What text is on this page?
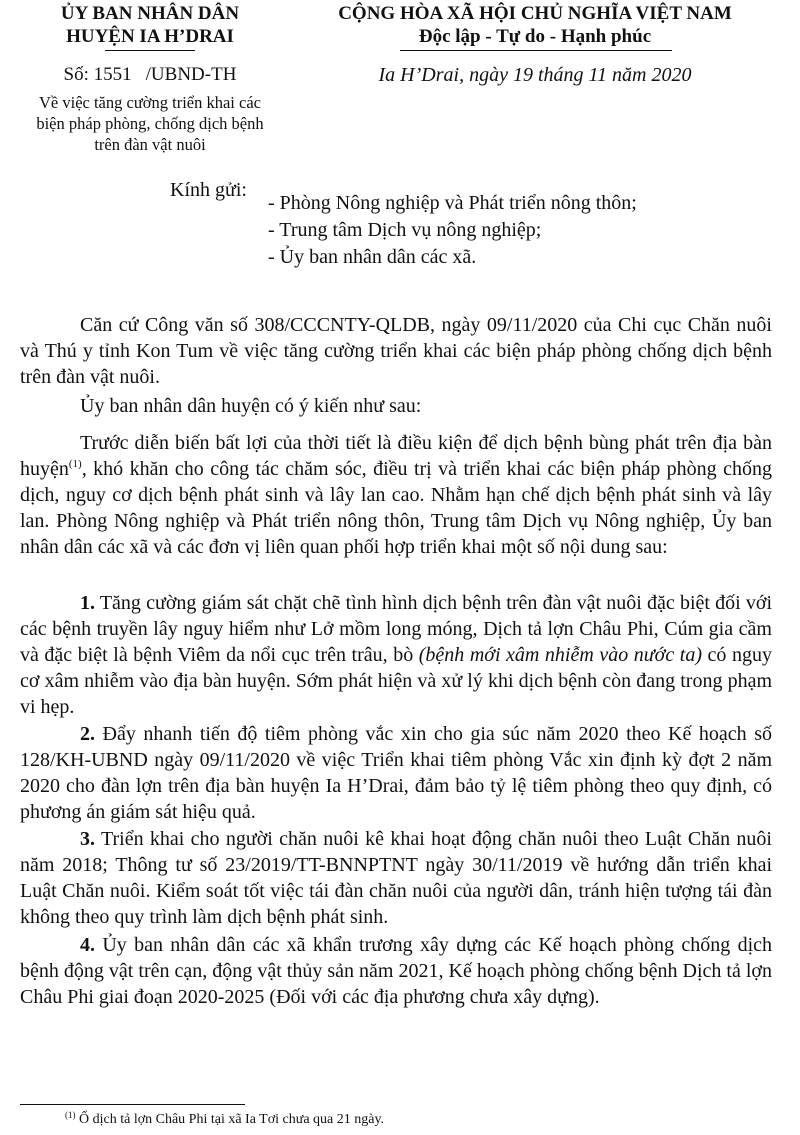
ỦY BAN NHÂN DÂN
HUYỆN IA H’DRAI
CỘNG HÒA XÃ HỘI CHỦ NGHĨA VIỆT NAM
Độc lập - Tự do - Hạnh phúc
Số: 1551 /UBND-TH
Về việc tăng cường triển khai các
biện pháp phòng, chống dịch bệnh
trên đàn vật nuôi
Ia H’Drai, ngày 19 tháng 11 năm 2020
Kính gửi:
- Phòng Nông nghiệp và Phát triển nông thôn;
- Trung tâm Dịch vụ nông nghiệp;
- Ủy ban nhân dân các xã.

Căn cứ Công văn số 308/CCCNTY-QLDB, ngày 09/11/2020 của Chi cục Chăn nuôi và Thú y tỉnh Kon Tum về việc tăng cường triển khai các biện pháp phòng chống dịch bệnh trên đàn vật nuôi.

Ủy ban nhân dân huyện có ý kiến như sau:

Trước diễn biến bất lợi của thời tiết là điều kiện để dịch bệnh bùng phát trên địa bàn huyện$^{(1)}$, khó khăn cho công tác chăm sóc, điều trị và triển khai các biện pháp phòng chống dịch, nguy cơ dịch bệnh phát sinh và lây lan cao. Nhằm hạn chế dịch bệnh phát sinh và lây lan. Phòng Nông nghiệp và Phát triển nông thôn, Trung tâm Dịch vụ Nông nghiệp, Ủy ban nhân dân các xã và các đơn vị liên quan phối hợp triển khai một số nội dung sau:

1. Tăng cường giám sát chặt chẽ tình hình dịch bệnh trên đàn vật nuôi đặc biệt đối với các bệnh truyền lây nguy hiểm như Lở mồm long móng, Dịch tả lợn Châu Phi, Cúm gia cầm và đặc biệt là bệnh Viêm da nổi cục trên trâu, bò (bệnh mới xâm nhiễm vào nước ta) có nguy cơ xâm nhiễm vào địa bàn huyện. Sớm phát hiện và xử lý khi dịch bệnh còn đang trong phạm vi hẹp.

2. Đẩy nhanh tiến độ tiêm phòng vắc xin cho gia súc năm 2020 theo Kế hoạch số 128/KH-UBND ngày 09/11/2020 về việc Triển khai tiêm phòng Vắc xin định kỳ đợt 2 năm 2020 cho đàn lợn trên địa bàn huyện Ia H’Drai, đảm bảo tỷ lệ tiêm phòng theo quy định, có phương án giám sát hiệu quả.

3. Triển khai cho người chăn nuôi kê khai hoạt động chăn nuôi theo Luật Chăn nuôi năm 2018; Thông tư số 23/2019/TT-BNNPTNT ngày 30/11/2019 về hướng dẫn triển khai Luật Chăn nuôi. Kiểm soát tốt việc tái đàn chăn nuôi của người dân, tránh hiện tượng tái đàn không theo quy trình làm dịch bệnh phát sinh.

4. Ủy ban nhân dân các xã khẩn trương xây dựng các Kế hoạch phòng chống dịch bệnh động vật trên cạn, động vật thủy sản năm 2021, Kế hoạch phòng chống bệnh Dịch tả lợn Châu Phi giai đoạn 2020-2025 (Đối với các địa phương chưa xây dựng).

$^{(1)}$ Ổ dịch tả lợn Châu Phi tại xã Ia Tơi chưa qua 21 ngày.
